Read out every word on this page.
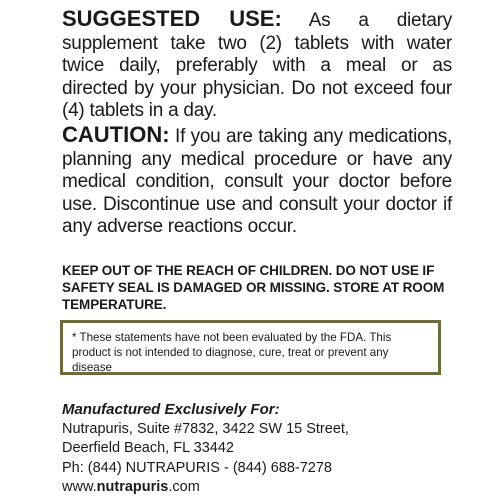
SUGGESTED USE: As a dietary supplement take two (2) tablets with water twice daily, preferably with a meal or as directed by your physician. Do not exceed four (4) tablets in a day.
CAUTION: If you are taking any medications, planning any medical procedure or have any medical condition, consult your doctor before use. Discontinue use and consult your doctor if any adverse reactions occur.
KEEP OUT OF THE REACH OF CHILDREN. DO NOT USE IF SAFETY SEAL IS DAMAGED OR MISSING. STORE AT ROOM TEMPERATURE.
* These statements have not been evaluated by the FDA. This product is not intended to diagnose, cure, treat or prevent any disease
Manufactured Exclusively For:
Nutrapuris, Suite #7832, 3422 SW 15 Street,
Deerfield Beach, FL 33442
Ph: (844) NUTRAPURIS - (844) 688-7278
www.nutrapuris.com
